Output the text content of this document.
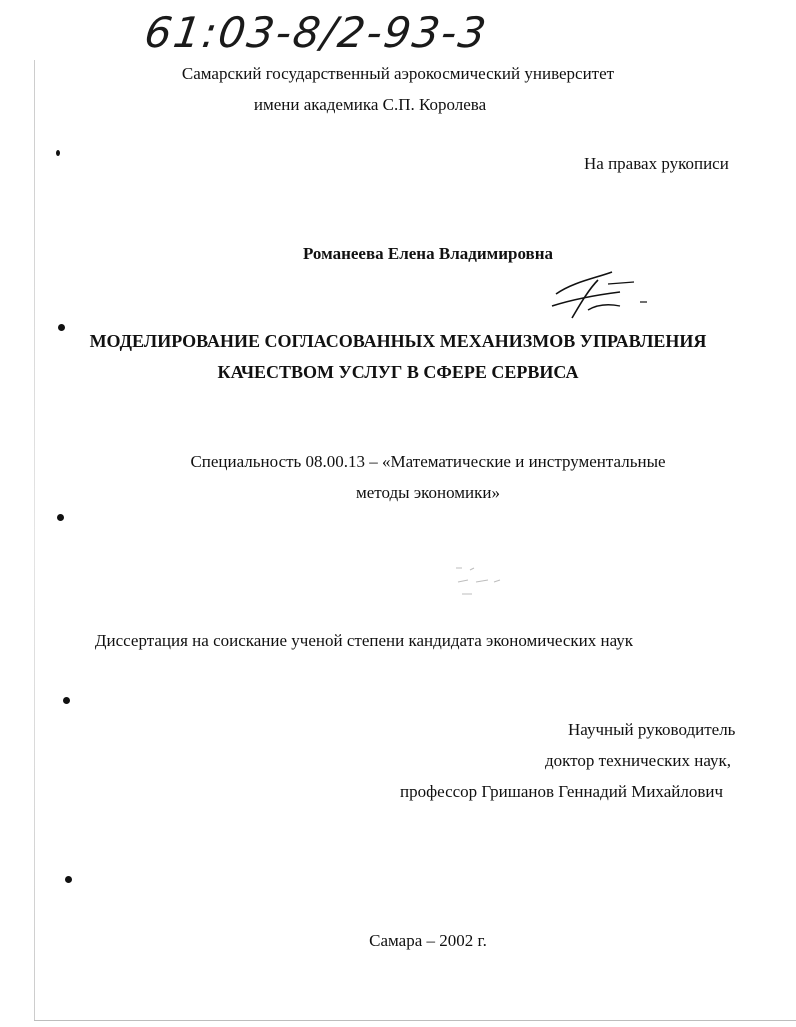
61:03-8/2-93-3
Самарский государственный аэрокосмический университет
имени академика С.П. Королева
На правах рукописи
Романеева Елена Владимировна
МОДЕЛИРОВАНИЕ СОГЛАСОВАННЫХ МЕХАНИЗМОВ УПРАВЛЕНИЯ
КАЧЕСТВОМ УСЛУГ В СФЕРЕ СЕРВИСА
Специальность 08.00.13 – «Математические и инструментальные
методы экономики»
Диссертация на соискание ученой степени кандидата экономических наук
Научный руководитель
доктор технических наук,
профессор Гришанов Геннадий Михайлович
Самара – 2002 г.
